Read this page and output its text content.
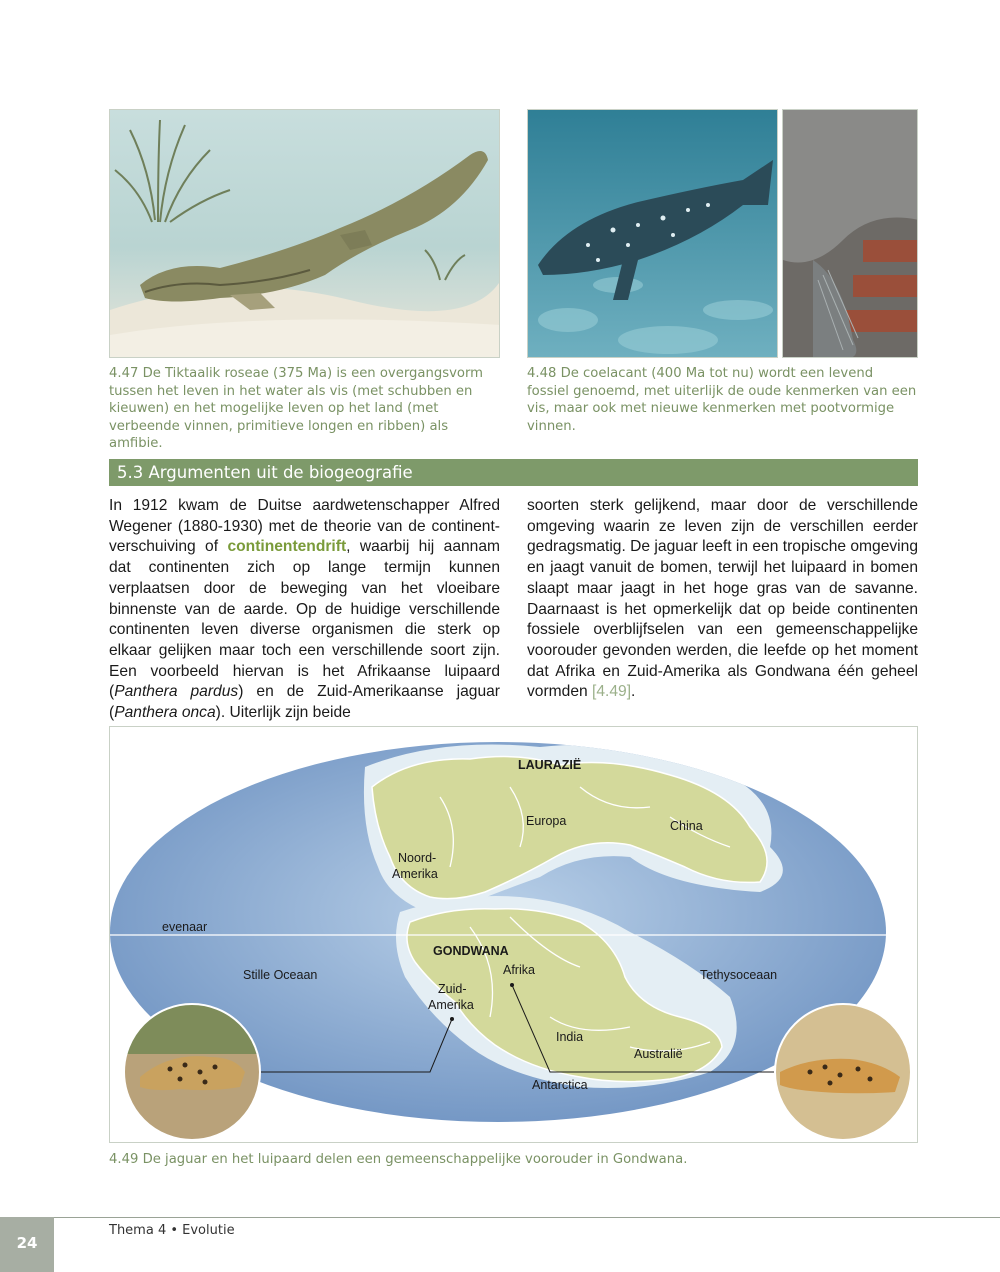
4.47 De Tiktaalik roseae (375 Ma) is een overgangsvorm tussen het leven in het water als vis (met schubben en kieuwen) en het mogelijke leven op het land (met verbeende vinnen, primitieve longen en ribben) als amfibie.
4.48 De coelacant (400 Ma tot nu) wordt een levend fossiel genoemd, met uiterlijk de oude kenmerken van een vis, maar ook met nieuwe kenmerken met pootvormige vinnen.
5.3 Argumenten uit de biogeografie
In 1912 kwam de Duitse aardwetenschapper Alfred Wegener (1880-1930) met de theorie van de continentverschuiving of continentendrift, waarbij hij aannam dat continenten zich op lange termijn kunnen verplaatsen door de beweging van het vloeibare binnenste van de aarde. Op de huidige verschillende continenten leven diverse organismen die sterk op elkaar gelijken maar toch een verschillende soort zijn. Een voorbeeld hiervan is het Afrikaanse luipaard (Panthera pardus) en de Zuid-Amerikaanse jaguar (Panthera onca). Uiterlijk zijn beide
soorten sterk gelijkend, maar door de verschillende omgeving waarin ze leven zijn de verschillen eerder gedragsmatig. De jaguar leeft in een tropische omgeving en jaagt vanuit de bomen, terwijl het luipaard in bomen slaapt maar jaagt in het hoge gras van de savanne. Daarnaast is het opmerkelijk dat op beide continenten fossiele overblijfselen van een gemeenschappelijke voorouder gevonden werden, die leefde op het moment dat Afrika en Zuid-Amerika als Gondwana één geheel vormden [4.49].
LAURAZIË
Europa	China
Noord-
Amerika
evenaar
GONDWANA
Afrika
Stille Oceaan	Tethysoceaan
Zuid-
Amerika
India
Australië
Antarctica
4.49 De jaguar en het luipaard delen een gemeenschappelijke voorouder in Gondwana.
24
Thema 4 • Evolutie
